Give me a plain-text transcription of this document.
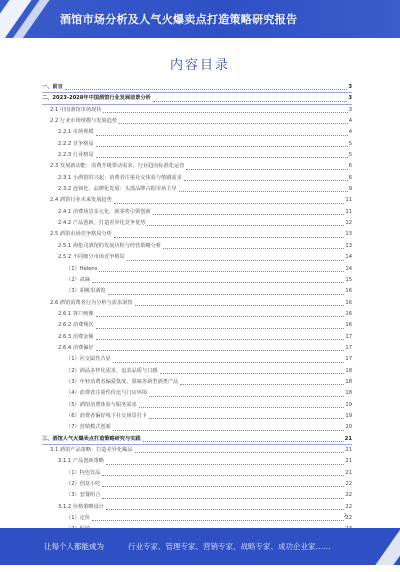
酒馆市场分析及人气火爆卖点打造策略研究报告
内容目录
一、前言	3
二、2023-2028年中国酒馆行业发展前景分析	3
2.1 中国酒馆市场现状	3
2.2 行业市场规模与发展趋势	4
2.2.1 市场规模	4
2.2.2 竞争格局	5
2.2.3 行业格局	5
2.3 发展新动能：消费升级带动需求，行业趋向标准化运营	6
2.3.1 小酒馆的兴起：消费者注重社交体验与情感需求	6
2.3.2 连锁化、品牌化发展：头部品牌占据市场主导	9
2.4 酒馆行业未来发展趋势	11
2.4.1 消费场景多元化，新零售引领创新	11
2.4.2 产品创新，打造差异化竞争优势	12
2.5 酒馆市场竞争格局分析	13
2.5.1 海伦司酒馆的发展历程与经营策略分析	13
2.5.2 不同细分市场竞争格局	14
（1）Helens	14
（2）贰麻	15
（3）胡桃里酒馆	16
2.6 酒馆消费者行为分析与需求洞察	16
2.6.1 客户画像	16
2.6.2 消费频次	16
2.6.3 消费金额	17
2.6.4 消费偏好	17
（1）社交属性凸显	17
（2）酒品多样化需求，追求品质与口感	18
（3）年轻消费者偏爱低度、果味等新型酒类产品	18
（4）消费者注重性价比与门店环境	18
（5）酒馆消费体验与服务需求	19
（6）消费者偏好线下社交场景打卡	19
（7）营销模式创新	20
三、酒馆人气火爆卖点打造策略研究与实践	21
3.1 酒馆产品策略：打造差异化爆品	21
3.1.1 产品创新策略	21
（1）特色饮品	21
（2）创意小吃	22
（3）套餐组合	22
3.1.2 价格策略设计	22
（1）定价	22
2
让每个人都能成为	行业专家、管理专家、营销专家、战略专家、成功企业家……
